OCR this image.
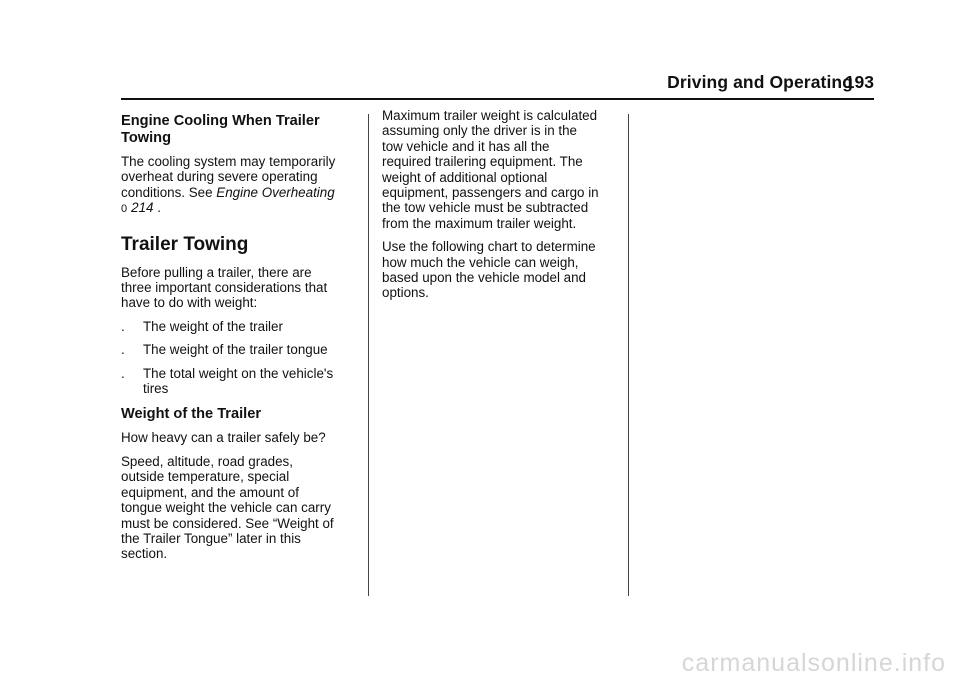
Driving and Operating
193
Engine Cooling When Trailer
Towing
The cooling system may temporarily
overheat during severe operating
conditions. See Engine Overheating
0 214 .
Trailer Towing
Before pulling a trailer, there are
three important considerations that
have to do with weight:
.	The weight of the trailer
.	The weight of the trailer tongue
.	The total weight on the vehicle's
tires
Weight of the Trailer
How heavy can a trailer safely be?
Speed, altitude, road grades,
outside temperature, special
equipment, and the amount of
tongue weight the vehicle can carry
must be considered. See “Weight of
the Trailer Tongue” later in this
section.
Maximum trailer weight is calculated
assuming only the driver is in the
tow vehicle and it has all the
required trailering equipment. The
weight of additional optional
equipment, passengers and cargo in
the tow vehicle must be subtracted
from the maximum trailer weight.
Use the following chart to determine
how much the vehicle can weigh,
based upon the vehicle model and
options.
carmanualsonline.info
